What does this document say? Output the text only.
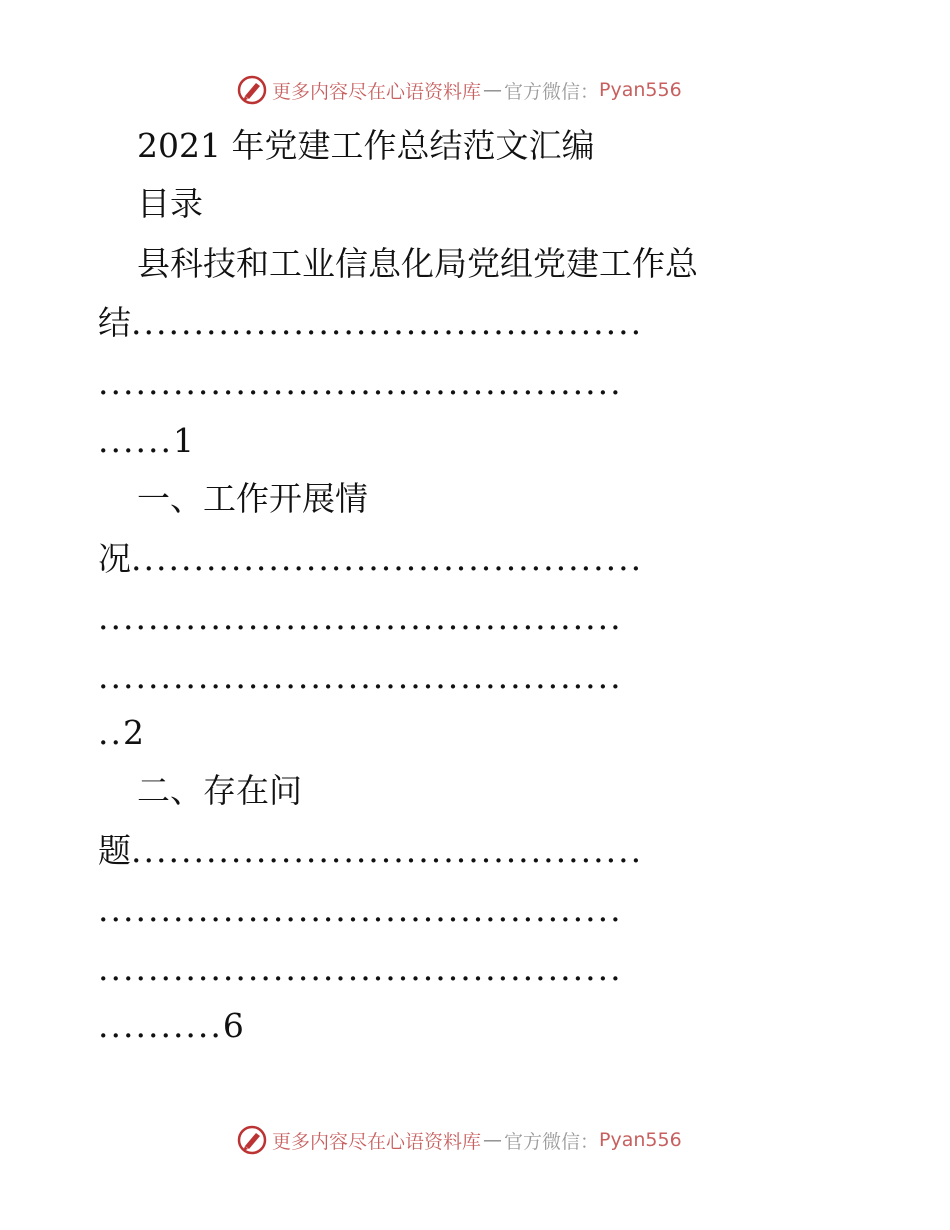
更多内容尽在心语资料库 — 官方微信： Pyan556
2021 年党建工作总结范文汇编
目录
县科技和工业信息化局党组党建工作总
结.........................................
..........................................
......1
一、工作开展情
况.........................................
..........................................
..........................................
..2
二、存在问
题.........................................
..........................................
..........................................
..........6
更多内容尽在心语资料库 — 官方微信： Pyan556
